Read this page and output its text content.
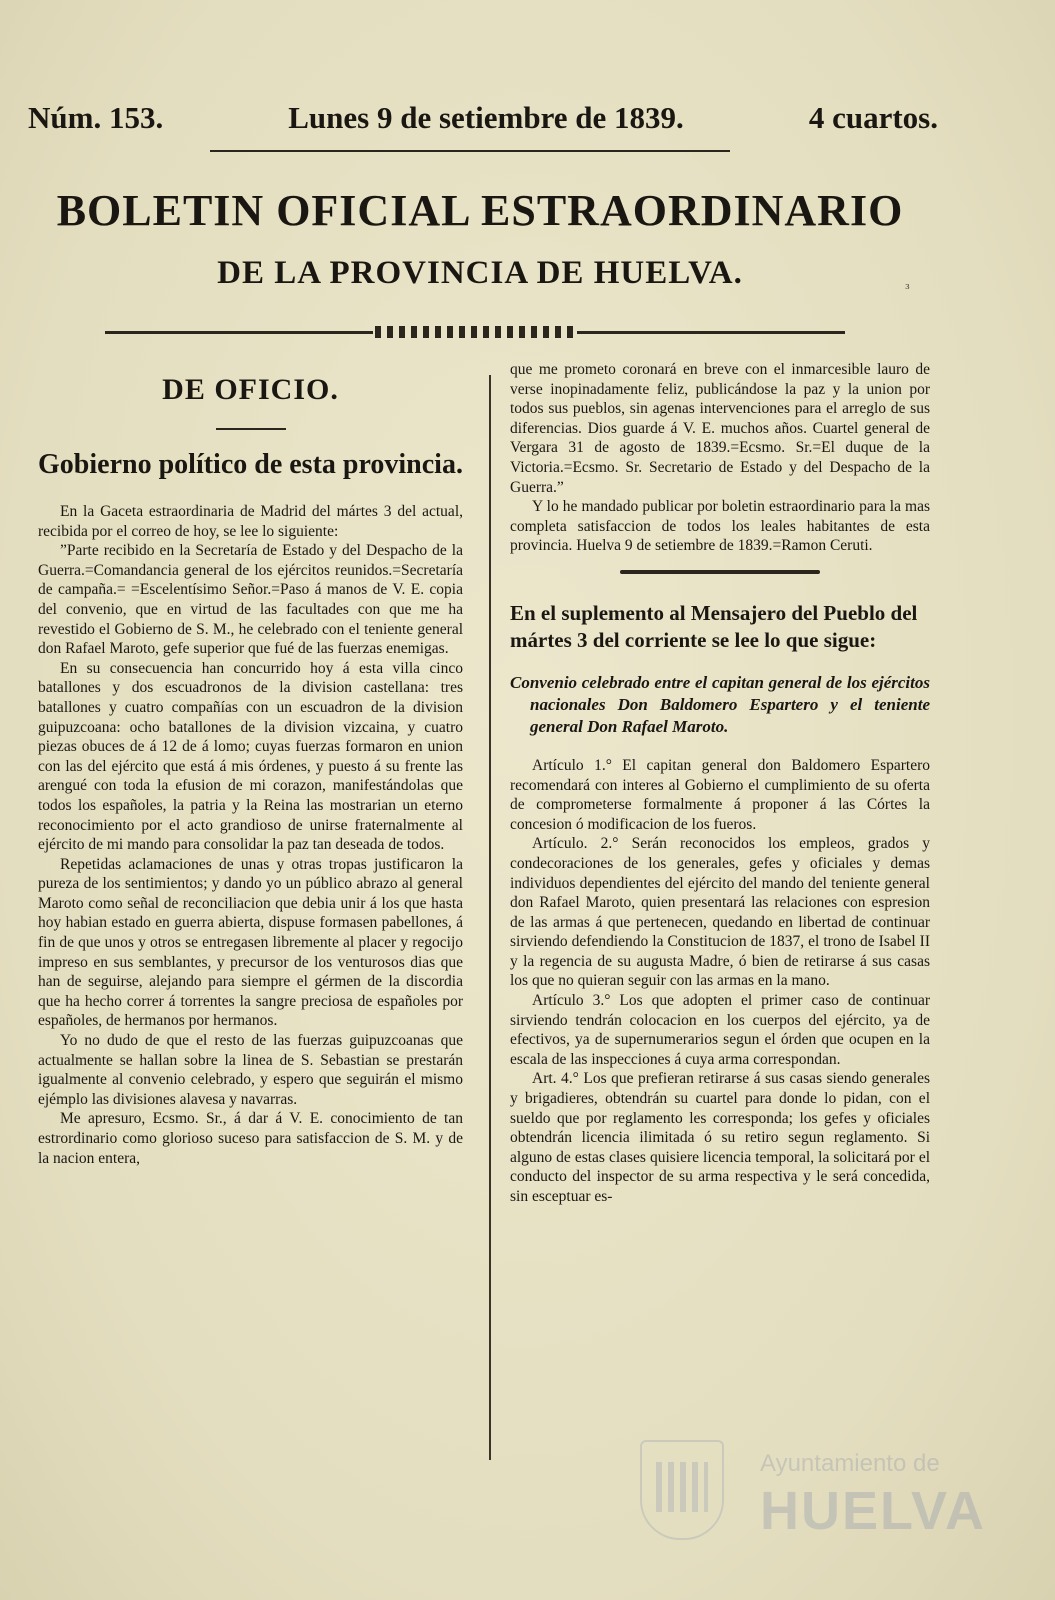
Núm. 153.	Lunes 9 de setiembre de 1839.	4 cuartos.
BOLETIN OFICIAL ESTRAORDINARIO
DE LA PROVINCIA DE HUELVA.	₃
DE OFICIO.
Gobierno político de esta provincia.

En la Gaceta estraordinaria de Madrid del mártes 3 del actual, recibida por el correo de hoy, se lee lo siguiente:

”Parte recibido en la Secretaría de Estado y del Despacho de la Guerra.=Comandancia general de los ejércitos reunidos.=Secretaría de campaña.= =Escelentísimo Señor.=Paso á manos de V. E. copia del convenio, que en virtud de las facultades con que me ha revestido el Gobierno de S. M., he celebrado con el teniente general don Rafael Maroto, gefe superior que fué de las fuerzas enemigas.

En su consecuencia han concurrido hoy á esta villa cinco batallones y dos escuadronos de la division castellana: tres batallones y cuatro compañías con un escuadron de la division guipuzcoana: ocho batallones de la division vizcaina, y cuatro piezas obuces de á 12 de á lomo; cuyas fuerzas formaron en union con las del ejército que está á mis órdenes, y puesto á su frente las arengué con toda la efusion de mi corazon, manifestándolas que todos los españoles, la patria y la Reina las mostrarian un eterno reconocimiento por el acto grandioso de unirse fraternalmente al ejército de mi mando para consolidar la paz tan deseada de todos.

Repetidas aclamaciones de unas y otras tropas justificaron la pureza de los sentimientos; y dando yo un público abrazo al general Maroto como señal de reconciliacion que debia unir á los que hasta hoy habian estado en guerra abierta, dispuse formasen pabellones, á fin de que unos y otros se entregasen libremente al placer y regocijo impreso en sus semblantes, y precursor de los venturosos dias que han de seguirse, alejando para siempre el gérmen de la discordia que ha hecho correr á torrentes la sangre preciosa de españoles por españoles, de hermanos por hermanos.

Yo no dudo de que el resto de las fuerzas guipuzcoanas que actualmente se hallan sobre la linea de S. Sebastian se prestarán igualmente al convenio celebrado, y espero que seguirán el mismo ejémplo las divisiones alavesa y navarras.

Me apresuro, Ecsmo. Sr., á dar á V. E. conocimiento de tan estrordinario como glorioso suceso para satisfaccion de S. M. y de la nacion entera,

que me prometo coronará en breve con el inmarcesible lauro de verse inopinadamente feliz, publicándose la paz y la union por todos sus pueblos, sin agenas intervenciones para el arreglo de sus diferencias. Dios guarde á V. E. muchos años. Cuartel general de Vergara 31 de agosto de 1839.=Ecsmo. Sr.=El duque de la Victoria.=Ecsmo. Sr. Secretario de Estado y del Despacho de la Guerra.”

Y lo he mandado publicar por boletin estraordinario para la mas completa satisfaccion de todos los leales habitantes de esta provincia. Huelva 9 de setiembre de 1839.=Ramon Ceruti.

En el suplemento al Mensajero del Pueblo del mártes 3 del corriente se lee lo que sigue:
Convenio celebrado entre el capitan general de los ejércitos nacionales Don Baldomero Espartero y el teniente general Don Rafael Maroto.

Artículo 1.° El capitan general don Baldomero Espartero recomendará con interes al Gobierno el cumplimiento de su oferta de comprometerse formalmente á proponer á las Córtes la concesion ó modificacion de los fueros.

Artículo. 2.° Serán reconocidos los empleos, grados y condecoraciones de los generales, gefes y oficiales y demas individuos dependientes del ejército del mando del teniente general don Rafael Maroto, quien presentará las relaciones con espresion de las armas á que pertenecen, quedando en libertad de continuar sirviendo defendiendo la Constitucion de 1837, el trono de Isabel II y la regencia de su augusta Madre, ó bien de retirarse á sus casas los que no quieran seguir con las armas en la mano.

Artículo 3.° Los que adopten el primer caso de continuar sirviendo tendrán colocacion en los cuerpos del ejército, ya de efectivos, ya de supernumerarios segun el órden que ocupen en la escala de las inspecciones á cuya arma correspondan.

Art. 4.° Los que prefieran retirarse á sus casas siendo generales y brigadieres, obtendrán su cuartel para donde lo pidan, con el sueldo que por reglamento les corresponda; los gefes y oficiales obtendrán licencia ilimitada ó su retiro segun reglamento. Si alguno de estas clases quisiere licencia temporal, la solicitará por el conducto del inspector de su arma respectiva y le será concedida, sin esceptuar es-

Ayuntamiento de
HUELVA
